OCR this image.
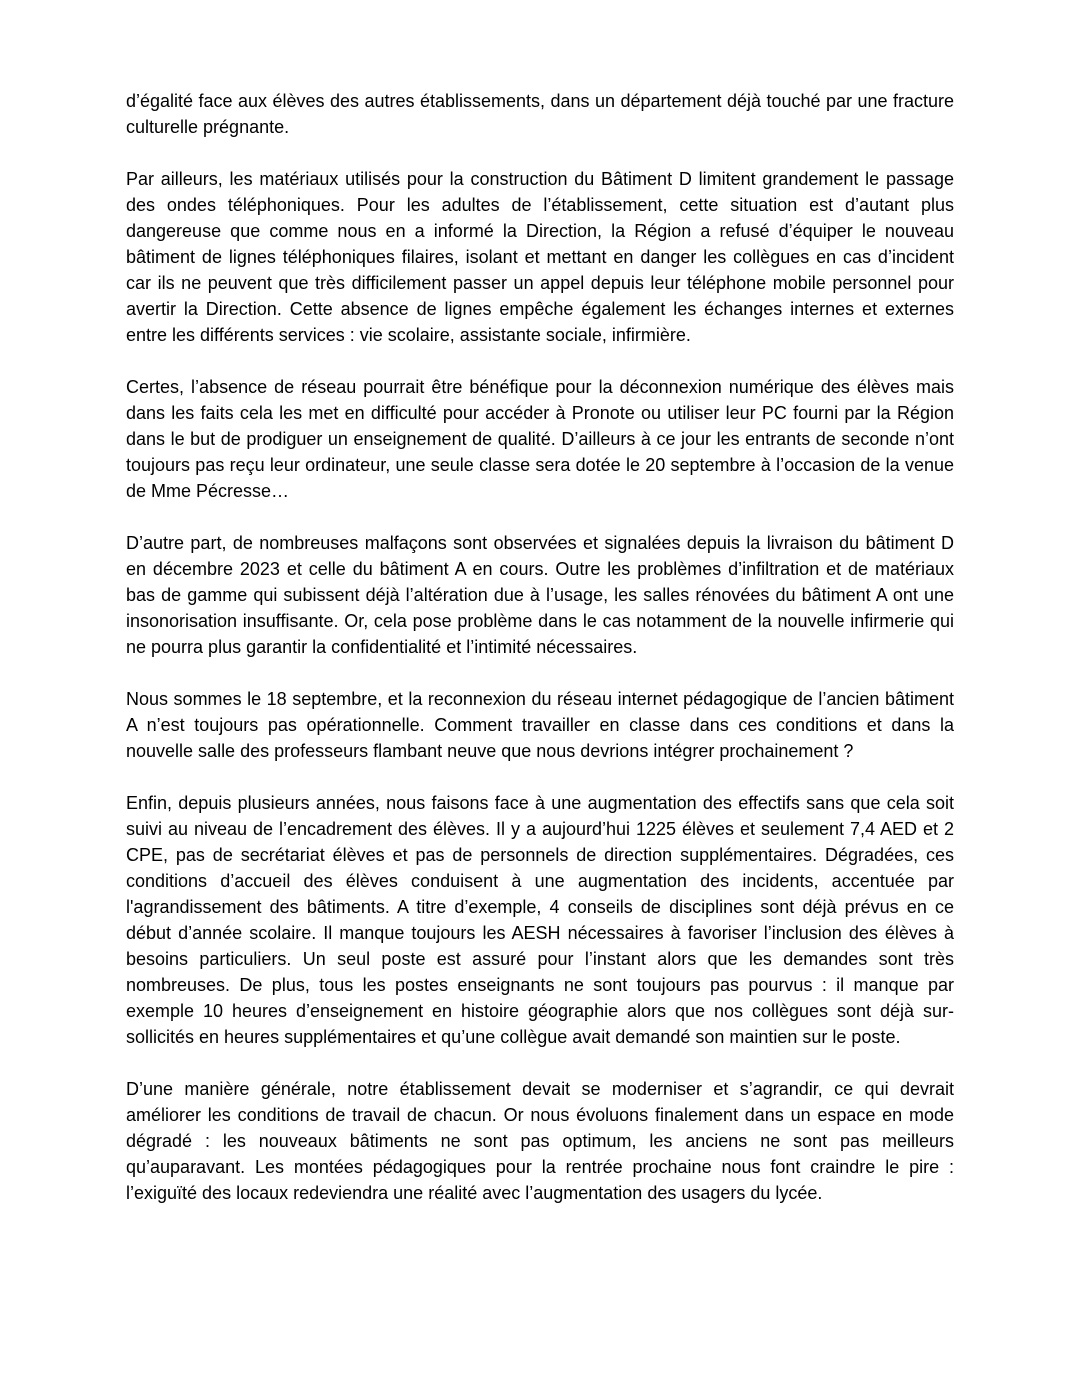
d’égalité face aux élèves des autres établissements, dans un département déjà touché par une fracture culturelle prégnante.

Par ailleurs, les matériaux utilisés pour la construction du Bâtiment D limitent grandement le passage des ondes téléphoniques. Pour les adultes de l’établissement, cette situation est d’autant plus dangereuse que comme nous en a informé la Direction, la Région a refusé d’équiper le nouveau bâtiment de lignes téléphoniques filaires, isolant et mettant en danger les collègues en cas d’incident car ils ne peuvent que très difficilement passer un appel depuis leur téléphone mobile personnel pour avertir la Direction. Cette absence de lignes empêche également les échanges internes et externes entre les différents services : vie scolaire, assistante sociale, infirmière.

Certes, l’absence de réseau pourrait être bénéfique pour la déconnexion numérique des élèves mais dans les faits cela les met en difficulté pour accéder à Pronote ou utiliser leur PC fourni par la Région dans le but de prodiguer un enseignement de qualité. D’ailleurs à ce jour les entrants de seconde n’ont toujours pas reçu leur ordinateur, une seule classe sera dotée le 20 septembre à l’occasion de la venue de Mme Pécresse…

D’autre part, de nombreuses malfaçons sont observées et signalées depuis la livraison du bâtiment D en décembre 2023 et celle du bâtiment A en cours. Outre les problèmes d’infiltration et de matériaux bas de gamme qui subissent déjà l’altération due à l’usage, les salles rénovées du bâtiment A ont une insonorisation insuffisante. Or, cela pose problème dans le cas notamment de la nouvelle infirmerie qui ne pourra plus garantir la confidentialité et l’intimité nécessaires.

Nous sommes le 18 septembre, et la reconnexion du réseau internet pédagogique de l’ancien bâtiment A n’est toujours pas opérationnelle. Comment travailler en classe dans ces conditions et dans la nouvelle salle des professeurs flambant neuve que nous devrions intégrer prochainement ?

Enfin, depuis plusieurs années, nous faisons face à une augmentation des effectifs sans que cela soit suivi au niveau de l’encadrement des élèves. Il y a aujourd’hui 1225 élèves et seulement 7,4 AED et 2 CPE, pas de secrétariat élèves et pas de personnels de direction supplémentaires. Dégradées, ces conditions d’accueil des élèves conduisent à une augmentation des incidents, accentuée par l'agrandissement des bâtiments. A titre d’exemple, 4 conseils de disciplines sont déjà prévus en ce début d’année scolaire. Il manque toujours les AESH nécessaires à favoriser l’inclusion des élèves à besoins particuliers. Un seul poste est assuré pour l’instant alors que les demandes sont très nombreuses. De plus, tous les postes enseignants ne sont toujours pas pourvus : il manque par exemple 10 heures d’enseignement en histoire géographie alors que nos collègues sont déjà sur-sollicités en heures supplémentaires et qu’une collègue avait demandé son maintien sur le poste.

D’une manière générale, notre établissement devait se moderniser et s’agrandir, ce qui devrait améliorer les conditions de travail de chacun. Or nous évoluons finalement dans un espace en mode dégradé : les nouveaux bâtiments ne sont pas optimum, les anciens ne sont pas meilleurs qu’auparavant. Les montées pédagogiques pour la rentrée prochaine nous font craindre le pire : l’exiguïté des locaux redeviendra une réalité avec l’augmentation des usagers du lycée.
